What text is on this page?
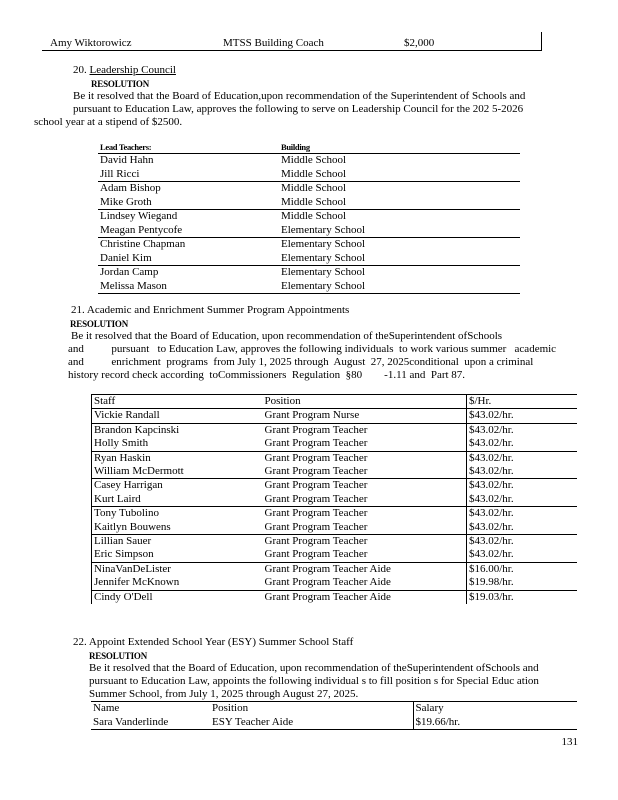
Amy Wiktorowicz	MTSS Building Coach	$2,000
20. Leadership Council
RESOLUTION
Be it resolved that the Board of Education,upon recommendation of the Superintendent of Schools and
pursuant to Education Law, approves the following to serve on Leadership Council for the 202 5-2026
school year at a stipend of $2500.
Lead Teachers:	Building
David Hahn	Middle School
Jill Ricci	Middle School
Adam Bishop	Middle School
Mike Groth	Middle School
Lindsey Wiegand	Middle School
Meagan Pentycofe	Elementary School
Christine Chapman	Elementary School
Daniel Kim	Elementary School
Jordan Camp	Elementary School
Melissa Mason	Elementary School
21. Academic and Enrichment Summer Program Appointments
RESOLUTION
Be it resolved that the Board of Education, upon recommendation of theSuperintendent ofSchools
and          pursuant   to Education Law, approves the following individuals  to work various summer   academic
and          enrichment  programs  from July 1, 2025 through  August  27, 2025conditional  upon a criminal
history record check according  toCommissioners  Regulation  §80        -1.11 and  Part 87.
Staff	Position	$/Hr.
Vickie Randall	Grant Program Nurse	$43.02/hr.
Brandon Kapcinski	Grant Program Teacher	$43.02/hr.
Holly Smith	Grant Program Teacher	$43.02/hr.
Ryan Haskin	Grant Program Teacher	$43.02/hr.
William McDermott	Grant Program Teacher	$43.02/hr.
Casey Harrigan	Grant Program Teacher	$43.02/hr.
Kurt Laird	Grant Program Teacher	$43.02/hr.
Tony Tubolino	Grant Program Teacher	$43.02/hr.
Kaitlyn Bouwens	Grant Program Teacher	$43.02/hr.
Lillian Sauer	Grant Program Teacher	$43.02/hr.
Eric Simpson	Grant Program Teacher	$43.02/hr.
NinaVanDeLister	Grant Program Teacher Aide	$16.00/hr.
Jennifer McKnown	Grant Program Teacher Aide	$19.98/hr.
Cindy O'Dell	Grant Program Teacher Aide	$19.03/hr.
22. Appoint Extended School Year (ESY) Summer School Staff
RESOLUTION
Be it resolved that the Board of Education, upon recommendation of theSuperintendent ofSchools and
pursuant to Education Law, appoints the following individual s to fill position s for Special Educ ation
Summer School, from July 1, 2025 through August 27, 2025.
Name	Position	Salary
Sara Vanderlinde	ESY Teacher Aide	$19.66/hr.
131
